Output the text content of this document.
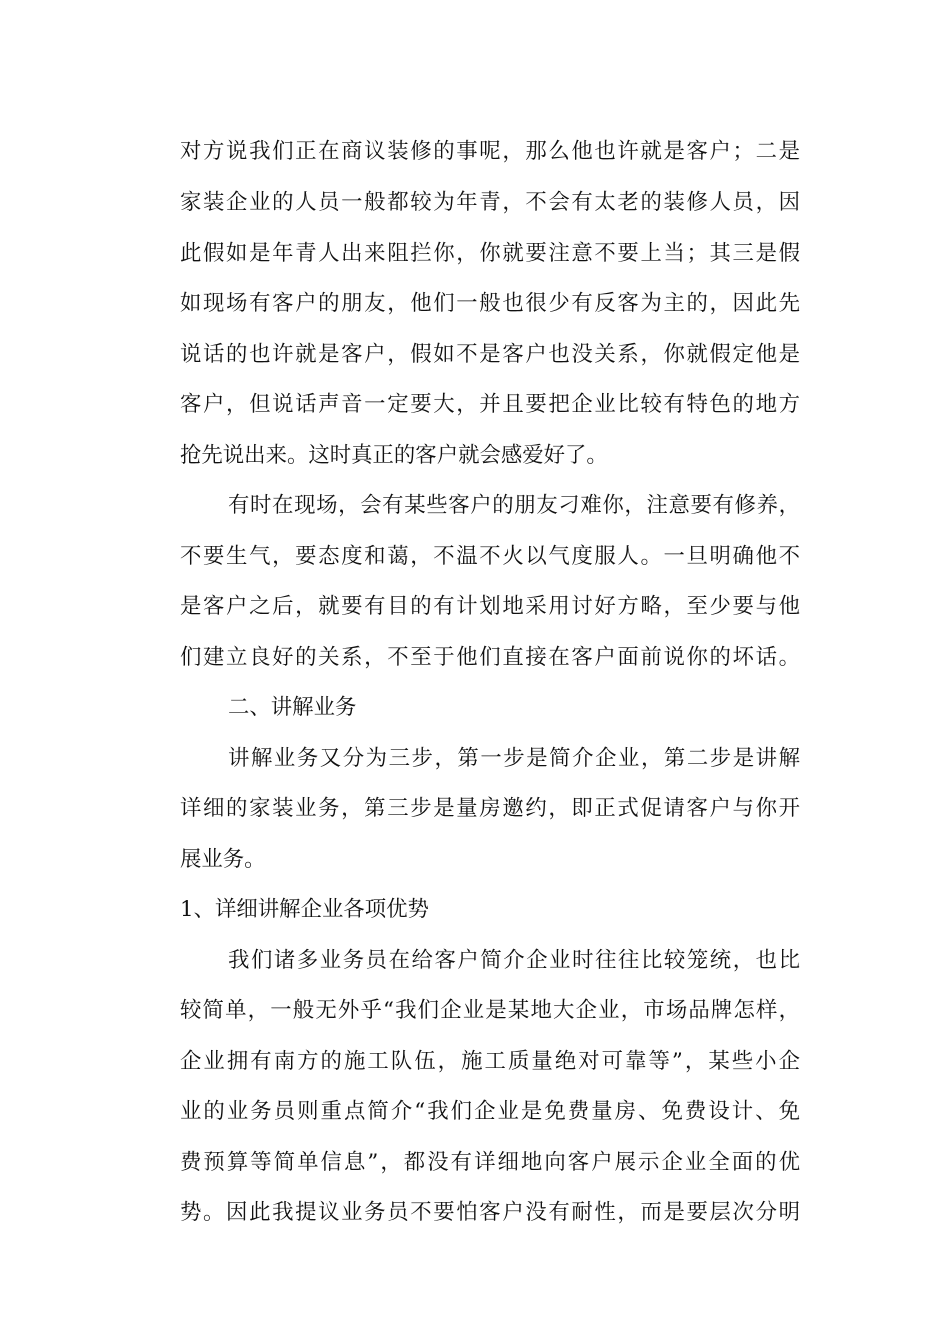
对方说我们正在商议装修的事呢，那么他也许就是客户；二是
家装企业的人员一般都较为年青，不会有太老的装修人员，因
此假如是年青人出来阻拦你，你就要注意不要上当；其三是假
如现场有客户的朋友，他们一般也很少有反客为主的，因此先
说话的也许就是客户，假如不是客户也没关系，你就假定他是
客户，但说话声音一定要大，并且要把企业比较有特色的地方
抢先说出来。这时真正的客户就会感爱好了。
有时在现场，会有某些客户的朋友刁难你，注意要有修养，
不要生气，要态度和蔼，不温不火以气度服人。一旦明确他不
是客户之后，就要有目的有计划地采用讨好方略，至少要与他
们建立良好的关系，不至于他们直接在客户面前说你的坏话。
二、讲解业务
讲解业务又分为三步，第一步是简介企业，第二步是讲解
详细的家装业务，第三步是量房邀约，即正式促请客户与你开
展业务。
1、详细讲解企业各项优势
我们诸多业务员在给客户简介企业时往往比较笼统，也比
较简单，一般无外乎“我们企业是某地大企业，市场品牌怎样，
企业拥有南方的施工队伍，施工质量绝对可靠等”，某些小企
业的业务员则重点简介“我们企业是免费量房、免费设计、免
费预算等简单信息”，都没有详细地向客户展示企业全面的优
势。因此我提议业务员不要怕客户没有耐性，而是要层次分明
